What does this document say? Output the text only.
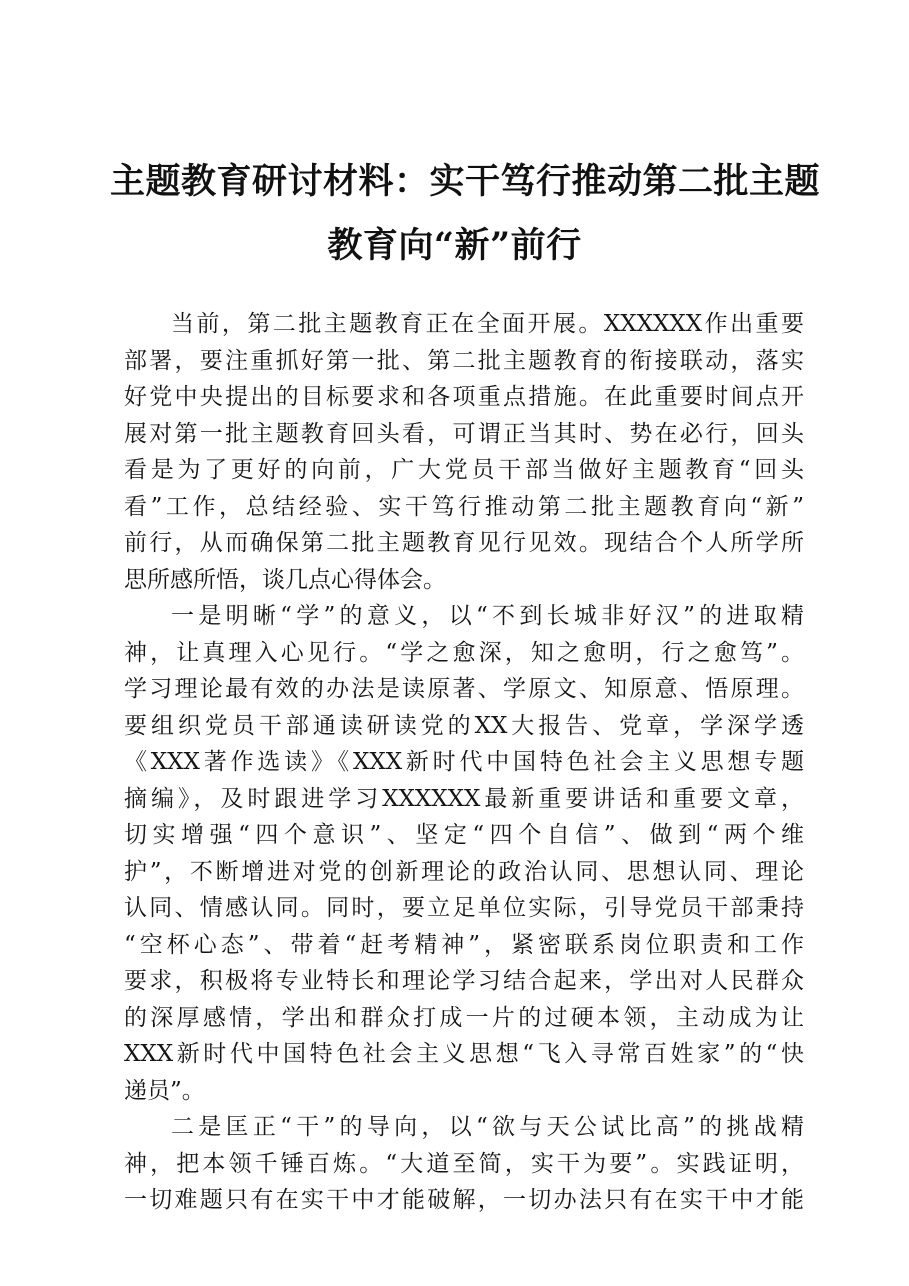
主题教育研讨材料：实干笃行推动第二批主题
教育向“新”前行
当前，第二批主题教育正在全面开展。XXXXXX作出重要
部署，要注重抓好第一批、第二批主题教育的衔接联动，落实
好党中央提出的目标要求和各项重点措施。在此重要时间点开
展对第一批主题教育回头看，可谓正当其时、势在必行，回头
看是为了更好的向前，广大党员干部当做好主题教育“回头
看”工作，总结经验、实干笃行推动第二批主题教育向“新”
前行，从而确保第二批主题教育见行见效。现结合个人所学所
思所感所悟，谈几点心得体会。
一是明晰“学”的意义，以“不到长城非好汉”的进取精
神，让真理入心见行。“学之愈深，知之愈明，行之愈笃”。
学习理论最有效的办法是读原著、学原文、知原意、悟原理。
要组织党员干部通读研读党的XX大报告、党章，学深学透
《XXX著作选读》《XXX新时代中国特色社会主义思想专题
摘编》，及时跟进学习XXXXXX最新重要讲话和重要文章，
切实增强“四个意识”、坚定“四个自信”、做到“两个维
护”，不断增进对党的创新理论的政治认同、思想认同、理论
认同、情感认同。同时，要立足单位实际，引导党员干部秉持
“空杯心态”、带着“赶考精神”，紧密联系岗位职责和工作
要求，积极将专业特长和理论学习结合起来，学出对人民群众
的深厚感情，学出和群众打成一片的过硬本领，主动成为让
XXX新时代中国特色社会主义思想“飞入寻常百姓家”的“快
递员”。
二是匡正“干”的导向，以“欲与天公试比高”的挑战精
神，把本领千锤百炼。“大道至简，实干为要”。实践证明，
一切难题只有在实干中才能破解，一切办法只有在实干中才能
